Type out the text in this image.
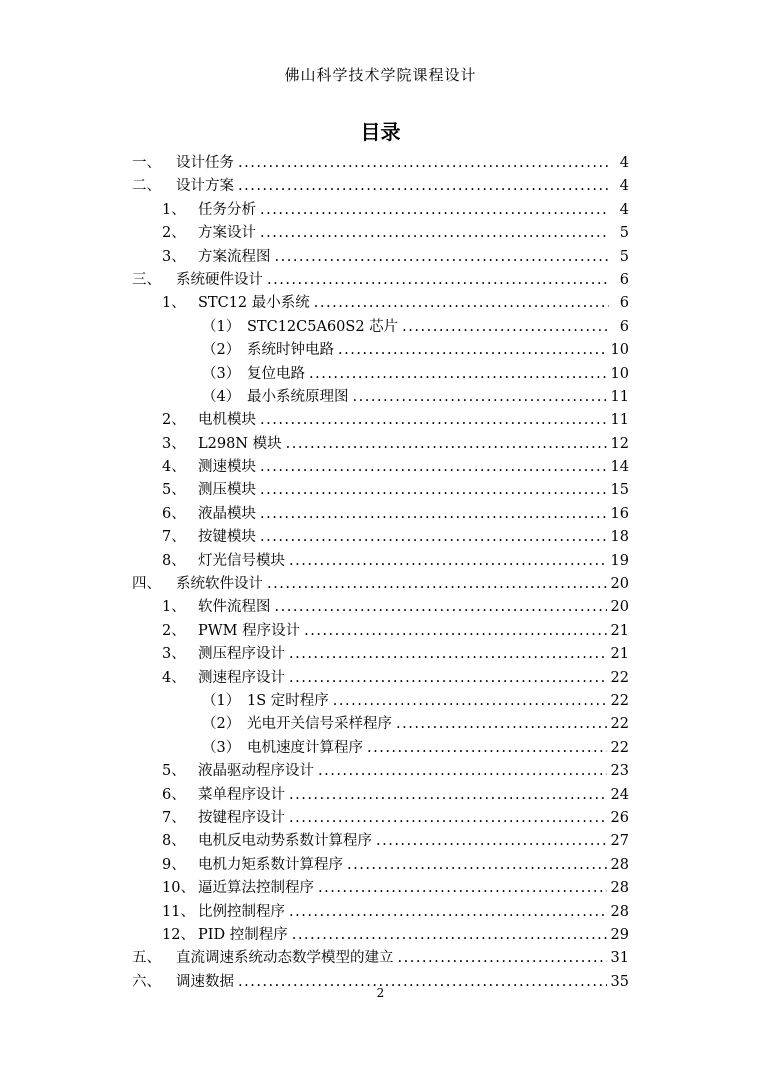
佛山科学技术学院课程设计
目录
一、 设计任务 .....	4
二、 设计方案 .....	4
1、 任务分析 .....	4
2、 方案设计 .....	5
3、 方案流程图 .....	5
三、 系统硬件设计 .....	6
1、 STC12 最小系统 .....	6
（1） STC12C5A60S2 芯片 .....	6
（2） 系统时钟电路 .....	10
（3） 复位电路 .....	10
（4） 最小系统原理图 .....	11
2、 电机模块 .....	11
3、 L298N 模块 .....	12
4、 测速模块 .....	14
5、 测压模块 .....	15
6、 液晶模块 .....	16
7、 按键模块 .....	18
8、 灯光信号模块 .....	19
四、 系统软件设计 .....	20
1、 软件流程图 .....	20
2、 PWM 程序设计 .....	21
3、 测压程序设计 .....	21
4、 测速程序设计 .....	22
（1） 1S 定时程序 .....	22
（2） 光电开关信号采样程序 .....	22
（3） 电机速度计算程序 .....	22
5、 液晶驱动程序设计 .....	23
6、 菜单程序设计 .....	24
7、 按键程序设计 .....	26
8、 电机反电动势系数计算程序 .....	27
9、 电机力矩系数计算程序 .....	28
10、 逼近算法控制程序 .....	28
11、 比例控制程序 .....	28
12、 PID 控制程序 .....	29
五、 直流调速系统动态数学模型的建立 .....	31
六、 调速数据 .....	35
2
